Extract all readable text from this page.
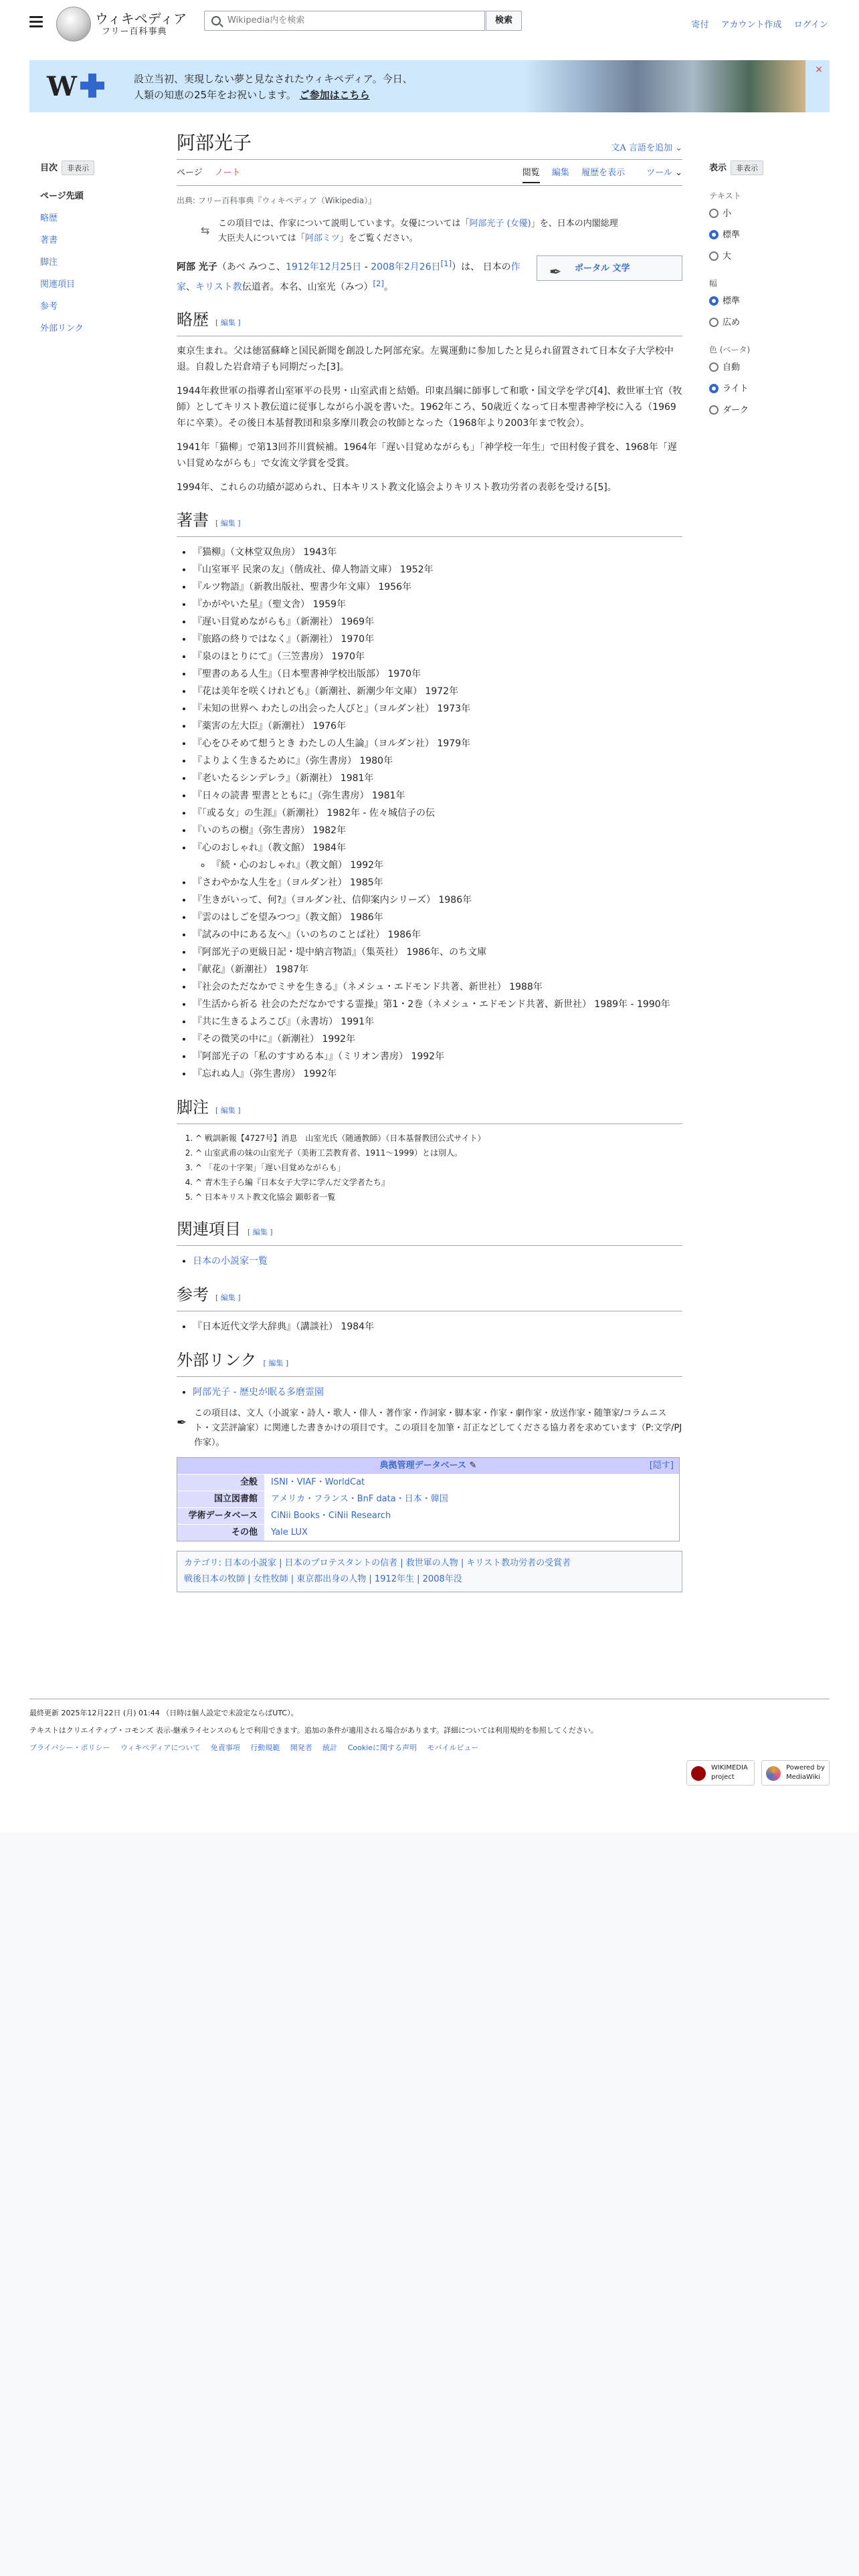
ウィキペディア
フリー百科事典
Wikipedia内を検索
検索	寄付 アカウント作成 ログイン
W	設立当初、実現しない夢と見なされたウィキペディア。今日、
人類の知恵の25年をお祝いします。 ご参加はこちら
×
目次 非表示
ページ先頭
略歴
著書
脚注
関連項目
参考
外部リンク
表示 非表示
テキスト
小
標準
大
幅
標準
広め
色 (ベータ)
自動
ライト
ダーク
阿部光子	文A 言語を追加 ⌄
ページ ノート	閲覧 編集 履歴を表示 ツール ⌄
出典: フリー百科事典『ウィキペディア（Wikipedia）』
⇆
この項目では、作家について説明しています。女優については「阿部光子 (女優)」を、日本の内閣総理
大臣夫人については「阿部ミツ」をご覧ください。
✒ ポータル 文学

阿部 光子（あべ みつこ、1912年12月25日 - 2008年2月26日[1]）は、 日本の作家、キリスト教伝道者。本名、山室光（みつ）[2]。

略歴 [ 編集 ]

東京生まれ。父は徳冨蘇峰と国民新聞を創設した阿部充家。左翼運動に参加したと見られ留置されて日本女子大学校中退。自殺した岩倉靖子も同期だった[3]。

1944年救世軍の指導者山室軍平の長男・山室武甫と結婚。印東昌綱に師事して和歌・国文学を学び[4]、救世軍士官（牧師）としてキリスト教伝道に従事しながら小説を書いた。1962年ころ、50歳近くなって日本聖書神学校に入る（1969年に卒業）。その後日本基督教団和泉多摩川教会の牧師となった（1968年より2003年まで牧会）。

1941年「猫柳」で第13回芥川賞候補。1964年「遅い目覚めながらも」「神学校一年生」で田村俊子賞を、1968年「遅い目覚めながらも」で女流文学賞を受賞。

1994年、これらの功績が認められ、日本キリスト教文化協会よりキリスト教功労者の表彰を受ける[5]。

著書 [ 編集 ]
• 『猫柳』（文林堂双魚房） 1943年
• 『山室軍平 民衆の友』（偕成社、偉人物語文庫） 1952年
• 『ルツ物語』（新教出版社、聖書少年文庫） 1956年
• 『かがやいた星』（聖文舎） 1959年
• 『遅い目覚めながらも』（新潮社） 1969年
• 『旅路の終りではなく』（新潮社） 1970年
• 『泉のほとりにて』（三笠書房） 1970年
• 『聖書のある人生』（日本聖書神学校出版部） 1970年
• 『花は美年を咲くけれども』（新潮社、新潮少年文庫） 1972年
• 『未知の世界へ わたしの出会った人びと』（ヨルダン社） 1973年
• 『薬害の左大臣』（新潮社） 1976年
• 『心をひそめて想うとき わたしの人生論』（ヨルダン社） 1979年
• 『よりよく生きるために』（弥生書房） 1980年
• 『老いたるシンデレラ』（新潮社） 1981年
• 『日々の読書 聖書とともに』（弥生書房） 1981年
• 『「或る女」の生涯』（新潮社） 1982年 - 佐々城信子の伝
• 『いのちの樹』（弥生書房） 1982年
• 『心のおしゃれ』（教文館） 1984年
◦ 『続・心のおしゃれ』（教文館） 1992年
• 『さわやかな人生を』（ヨルダン社） 1985年
• 『生きがいって、何?』（ヨルダン社、信仰案内シリーズ） 1986年
• 『雲のはしごを望みつつ』（教文館） 1986年
• 『試みの中にある友へ』（いのちのことば社） 1986年
• 『阿部光子の更級日記・堤中納言物語』（集英社） 1986年、のち文庫
• 『献花』（新潮社） 1987年
• 『社会のただなかでミサを生きる』（ネメシュ・エドモンド共著、新世社） 1988年
• 『生活から祈る 社会のただなかでする霊操』第1・2巻（ネメシュ・エドモンド共著、新世社） 1989年 - 1990年
• 『共に生きるよろこび』（永書坊） 1991年
• 『その微笑の中に』（新潮社） 1992年
• 『阿部光子の「私のすすめる本」』（ミリオン書房） 1992年
• 『忘れぬ人』（弥生書房） 1992年
脚注 [ 編集 ]
1. ^ 戦訓新報【4727号】消息　山室光氏（随通教師）（日本基督教団公式サイト）
2. ^ 山室武甫の妹の山室光子（美術工芸教育者、1911〜1999）とは別人。
3. ^ 「花の十字架」「遅い目覚めながらも」
4. ^ 青木生子ら編『日本女子大学に学んだ文学者たち』
5. ^ 日本キリスト教文化協会 顕彰者一覧
関連項目 [ 編集 ]
• 日本の小説家一覧
参考 [ 編集 ]
• 『日本近代文学大辞典』（講談社） 1984年
外部リンク [ 編集 ]
• 阿部光子 - 歴史が眠る多磨霊園
✒
この項目は、文人（小説家・詩人・歌人・俳人・著作家・作詞家・脚本家・作家・劇作家・放送作家・随筆家/コラムニスト・文芸評論家）に関連した書きかけの項目です。この項目を加筆・訂正などしてくださる協力者を求めています（P:文学/PJ作家）。
典拠管理データベース ✎	[隠す]
全般	ISNI・VIAF・WorldCat
国立図書館	アメリカ・フランス・BnF data・日本・韓国
学術データベース	CiNii Books・CiNii Research
その他	Yale LUX
カテゴリ: 日本の小説家 | 日本のプロテスタントの信者 | 救世軍の人物 | キリスト教功労者の受賞者
戦後日本の牧師 | 女性牧師 | 東京都出身の人物 | 1912年生 | 2008年没
最終更新 2025年12月22日 (月) 01:44 （日時は個人設定で未設定ならばUTC）。
テキストはクリエイティブ・コモンズ 表示-継承ライセンスのもとで利用できます。追加の条件が適用される場合があります。詳細については利用規約を参照してください。
プライバシー・ポリシー ウィキペディアについて 免責事項 行動規範 開発者 統計 Cookieに関する声明 モバイルビュー
WIKIMEDIA project
Powered by MediaWiki
